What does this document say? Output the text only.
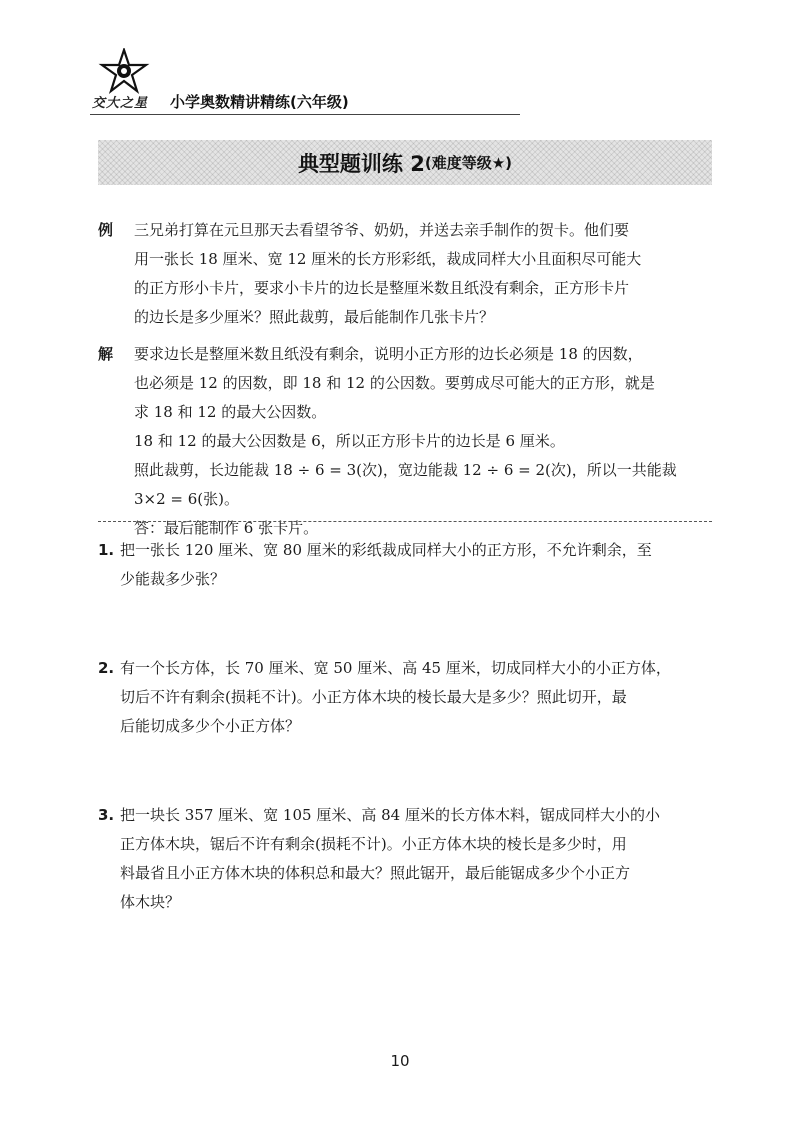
交大之星 小学奥数精讲精练(六年级)
典型题训练 2 (难度等级★)
例	三兄弟打算在元旦那天去看望爷爷、奶奶，并送去亲手制作的贺卡。他们要

用一张长 18 厘米、宽 12 厘米的长方形彩纸，裁成同样大小且面积尽可能大

的正方形小卡片，要求小卡片的边长是整厘米数且纸没有剩余，正方形卡片

的边长是多少厘米？照此裁剪，最后能制作几张卡片？

解	要求边长是整厘米数且纸没有剩余，说明小正方形的边长必须是 18 的因数，

也必须是 12 的因数，即 18 和 12 的公因数。要剪成尽可能大的正方形，就是

求 18 和 12 的最大公因数。

18 和 12 的最大公因数是 6，所以正方形卡片的边长是 6 厘米。

照此裁剪，长边能裁 18 ÷ 6 = 3(次)，宽边能裁 12 ÷ 6 = 2(次)，所以一共能裁

3×2 = 6(张)。

答：最后能制作 6 张卡片。

1. 把一张长 120 厘米、宽 80 厘米的彩纸裁成同样大小的正方形，不允许剩余，至

少能裁多少张？

2. 有一个长方体，长 70 厘米、宽 50 厘米、高 45 厘米，切成同样大小的小正方体，

切后不许有剩余(损耗不计)。小正方体木块的棱长最大是多少？照此切开，最

后能切成多少个小正方体？

3. 把一块长 357 厘米、宽 105 厘米、高 84 厘米的长方体木料，锯成同样大小的小

正方体木块，锯后不许有剩余(损耗不计)。小正方体木块的棱长是多少时，用

料最省且小正方体木块的体积总和最大？照此锯开，最后能锯成多少个小正方

体木块？

10
